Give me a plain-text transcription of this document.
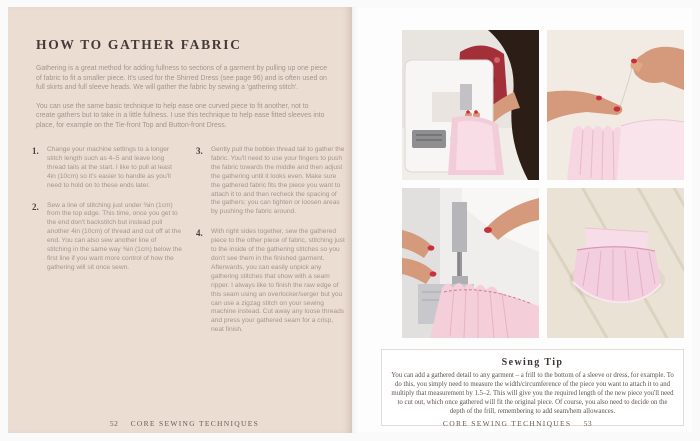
HOW TO GATHER FABRIC

Gathering is a great method for adding fullness to sections of a garment by pulling up one piece of fabric to fit a smaller piece. It's used for the Shirred Dress (see page 96) and is often used on full skirts and full sleeve heads. We will gather the fabric by sewing a 'gathering stitch'.

You can use the same basic technique to help ease one curved piece to fit another, not to create gathers but to take in a little fullness. I use this technique to help ease fitted sleeves into place, for example on the Tie-front Top and Button-front Dress.

1.	Change your machine settings to a longer stitch length such as 4–5 and leave long thread tails at the start. I like to pull at least 4in (10cm) so it's easier to handle as you'll need to hold on to these ends later.
2.	Sew a line of stitching just under ⅜in (1cm) from the top edge. This time, once you get to the end don't backstitch but instead pull another 4in (10cm) of thread and cut off at the end. You can also sew another line of stitching in the same way ⅜in (1cm) below the first line if you want more control of how the gathering will sit once sewn.
3.	Gently pull the bobbin thread tail to gather the fabric. You'll need to use your fingers to push the fabric towards the middle and then adjust the gathering until it looks even. Make sure the gathered fabric fits the piece you want to attach it to and then recheck the spacing of the gathers; you can tighten or loosen areas by pushing the fabric around.
4.	With right sides together, sew the gathered piece to the other piece of fabric, stitching just to the inside of the gathering stitches so you don't see them in the finished garment. Afterwards, you can easily unpick any gathering stitches that show with a seam ripper. I always like to finish the raw edge of this seam using an overlocker/serger but you can use a zigzag stitch on your sewing machine instead. Cut away any loose threads and press your gathered seam for a crisp, neat finish.
Sewing Tip
You can add a gathered detail to any garment – a frill to the bottom of a sleeve or dress, for example. To do this, you simply need to measure the width/circumference of the piece you want to attach it to and multiply that measurement by 1.5–2. This will give you the required length of the new piece you'll need to cut out, which once gathered will fit the original piece. Of course, you also need to decide on the depth of the frill, remembering to add seam/hem allowances.
52 CORE SEWING TECHNIQUES	CORE SEWING TECHNIQUES 53
